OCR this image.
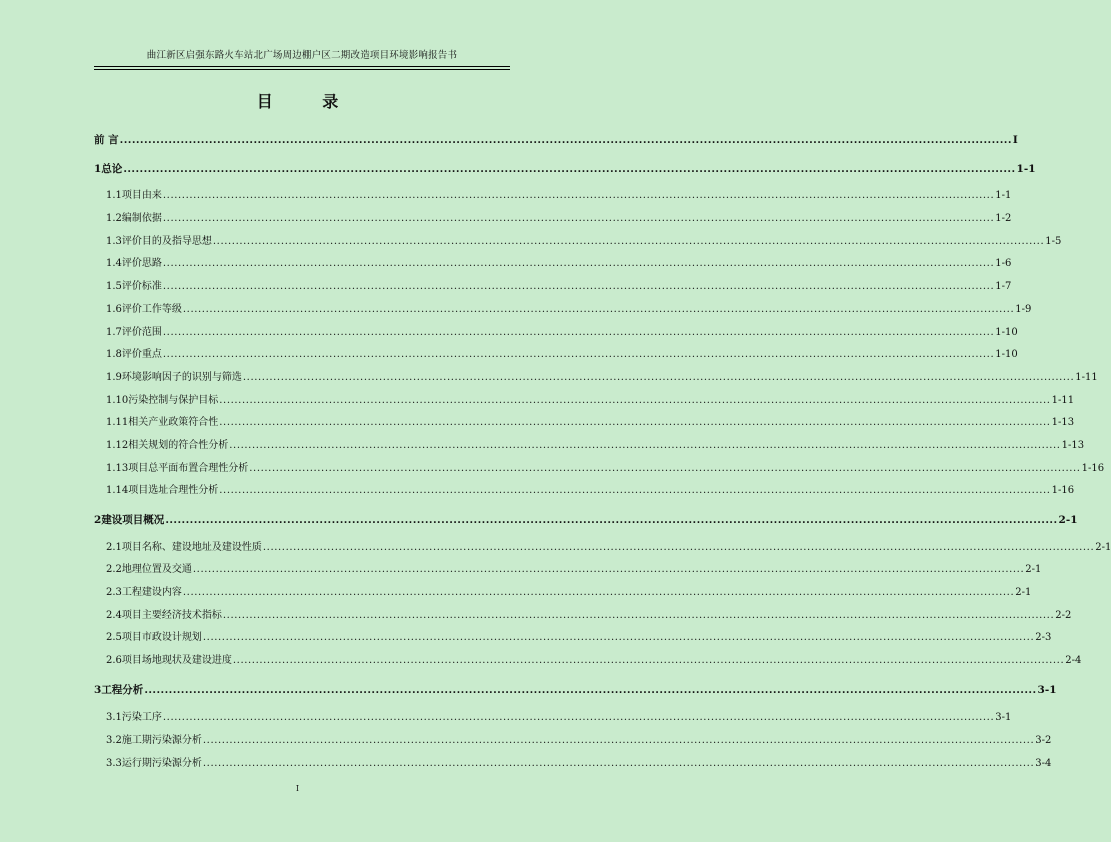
曲江新区启强东路火车站北广场周边棚户区二期改造项目环境影响报告书
目 录
前 言 ............................................................................................................................................................................................................................ I
1 总论 ............................................................................................................................................................................................................................ 1-1
1.1 项目由来 ............................................................................................................................................................................................................................ 1-1
1.2 编制依据 ............................................................................................................................................................................................................................ 1-2
1.3 评价目的及指导思想 ............................................................................................................................................................................................................................ 1-5
1.4 评价思路 ............................................................................................................................................................................................................................ 1-6
1.5 评价标准 ............................................................................................................................................................................................................................ 1-7
1.6 评价工作等级 ............................................................................................................................................................................................................................ 1-9
1.7 评价范围 ............................................................................................................................................................................................................................ 1-10
1.8 评价重点 ............................................................................................................................................................................................................................ 1-10
1.9 环境影响因子的识别与筛选 ............................................................................................................................................................................................................................ 1-11
1.10 污染控制与保护目标 ............................................................................................................................................................................................................................ 1-11
1.11 相关产业政策符合性 ............................................................................................................................................................................................................................ 1-13
1.12 相关规划的符合性分析 ............................................................................................................................................................................................................................ 1-13
1.13 项目总平面布置合理性分析 ............................................................................................................................................................................................................................ 1-16
1.14 项目选址合理性分析 ............................................................................................................................................................................................................................ 1-16
2 建设项目概况 ............................................................................................................................................................................................................................ 2-1
2.1 项目名称、建设地址及建设性质 ............................................................................................................................................................................................................................ 2-1
2.2 地理位置及交通 ............................................................................................................................................................................................................................ 2-1
2.3 工程建设内容 ............................................................................................................................................................................................................................ 2-1
2.4 项目主要经济技术指标 ............................................................................................................................................................................................................................ 2-2
2.5 项目市政设计规划 ............................................................................................................................................................................................................................ 2-3
2.6 项目场地现状及建设进度 ............................................................................................................................................................................................................................ 2-4
3 工程分析 ............................................................................................................................................................................................................................ 3-1
3.1 污染工序 ............................................................................................................................................................................................................................ 3-1
3.2 施工期污染源分析 ............................................................................................................................................................................................................................ 3-2
3.3 运行期污染源分析 ............................................................................................................................................................................................................................ 3-4
I
